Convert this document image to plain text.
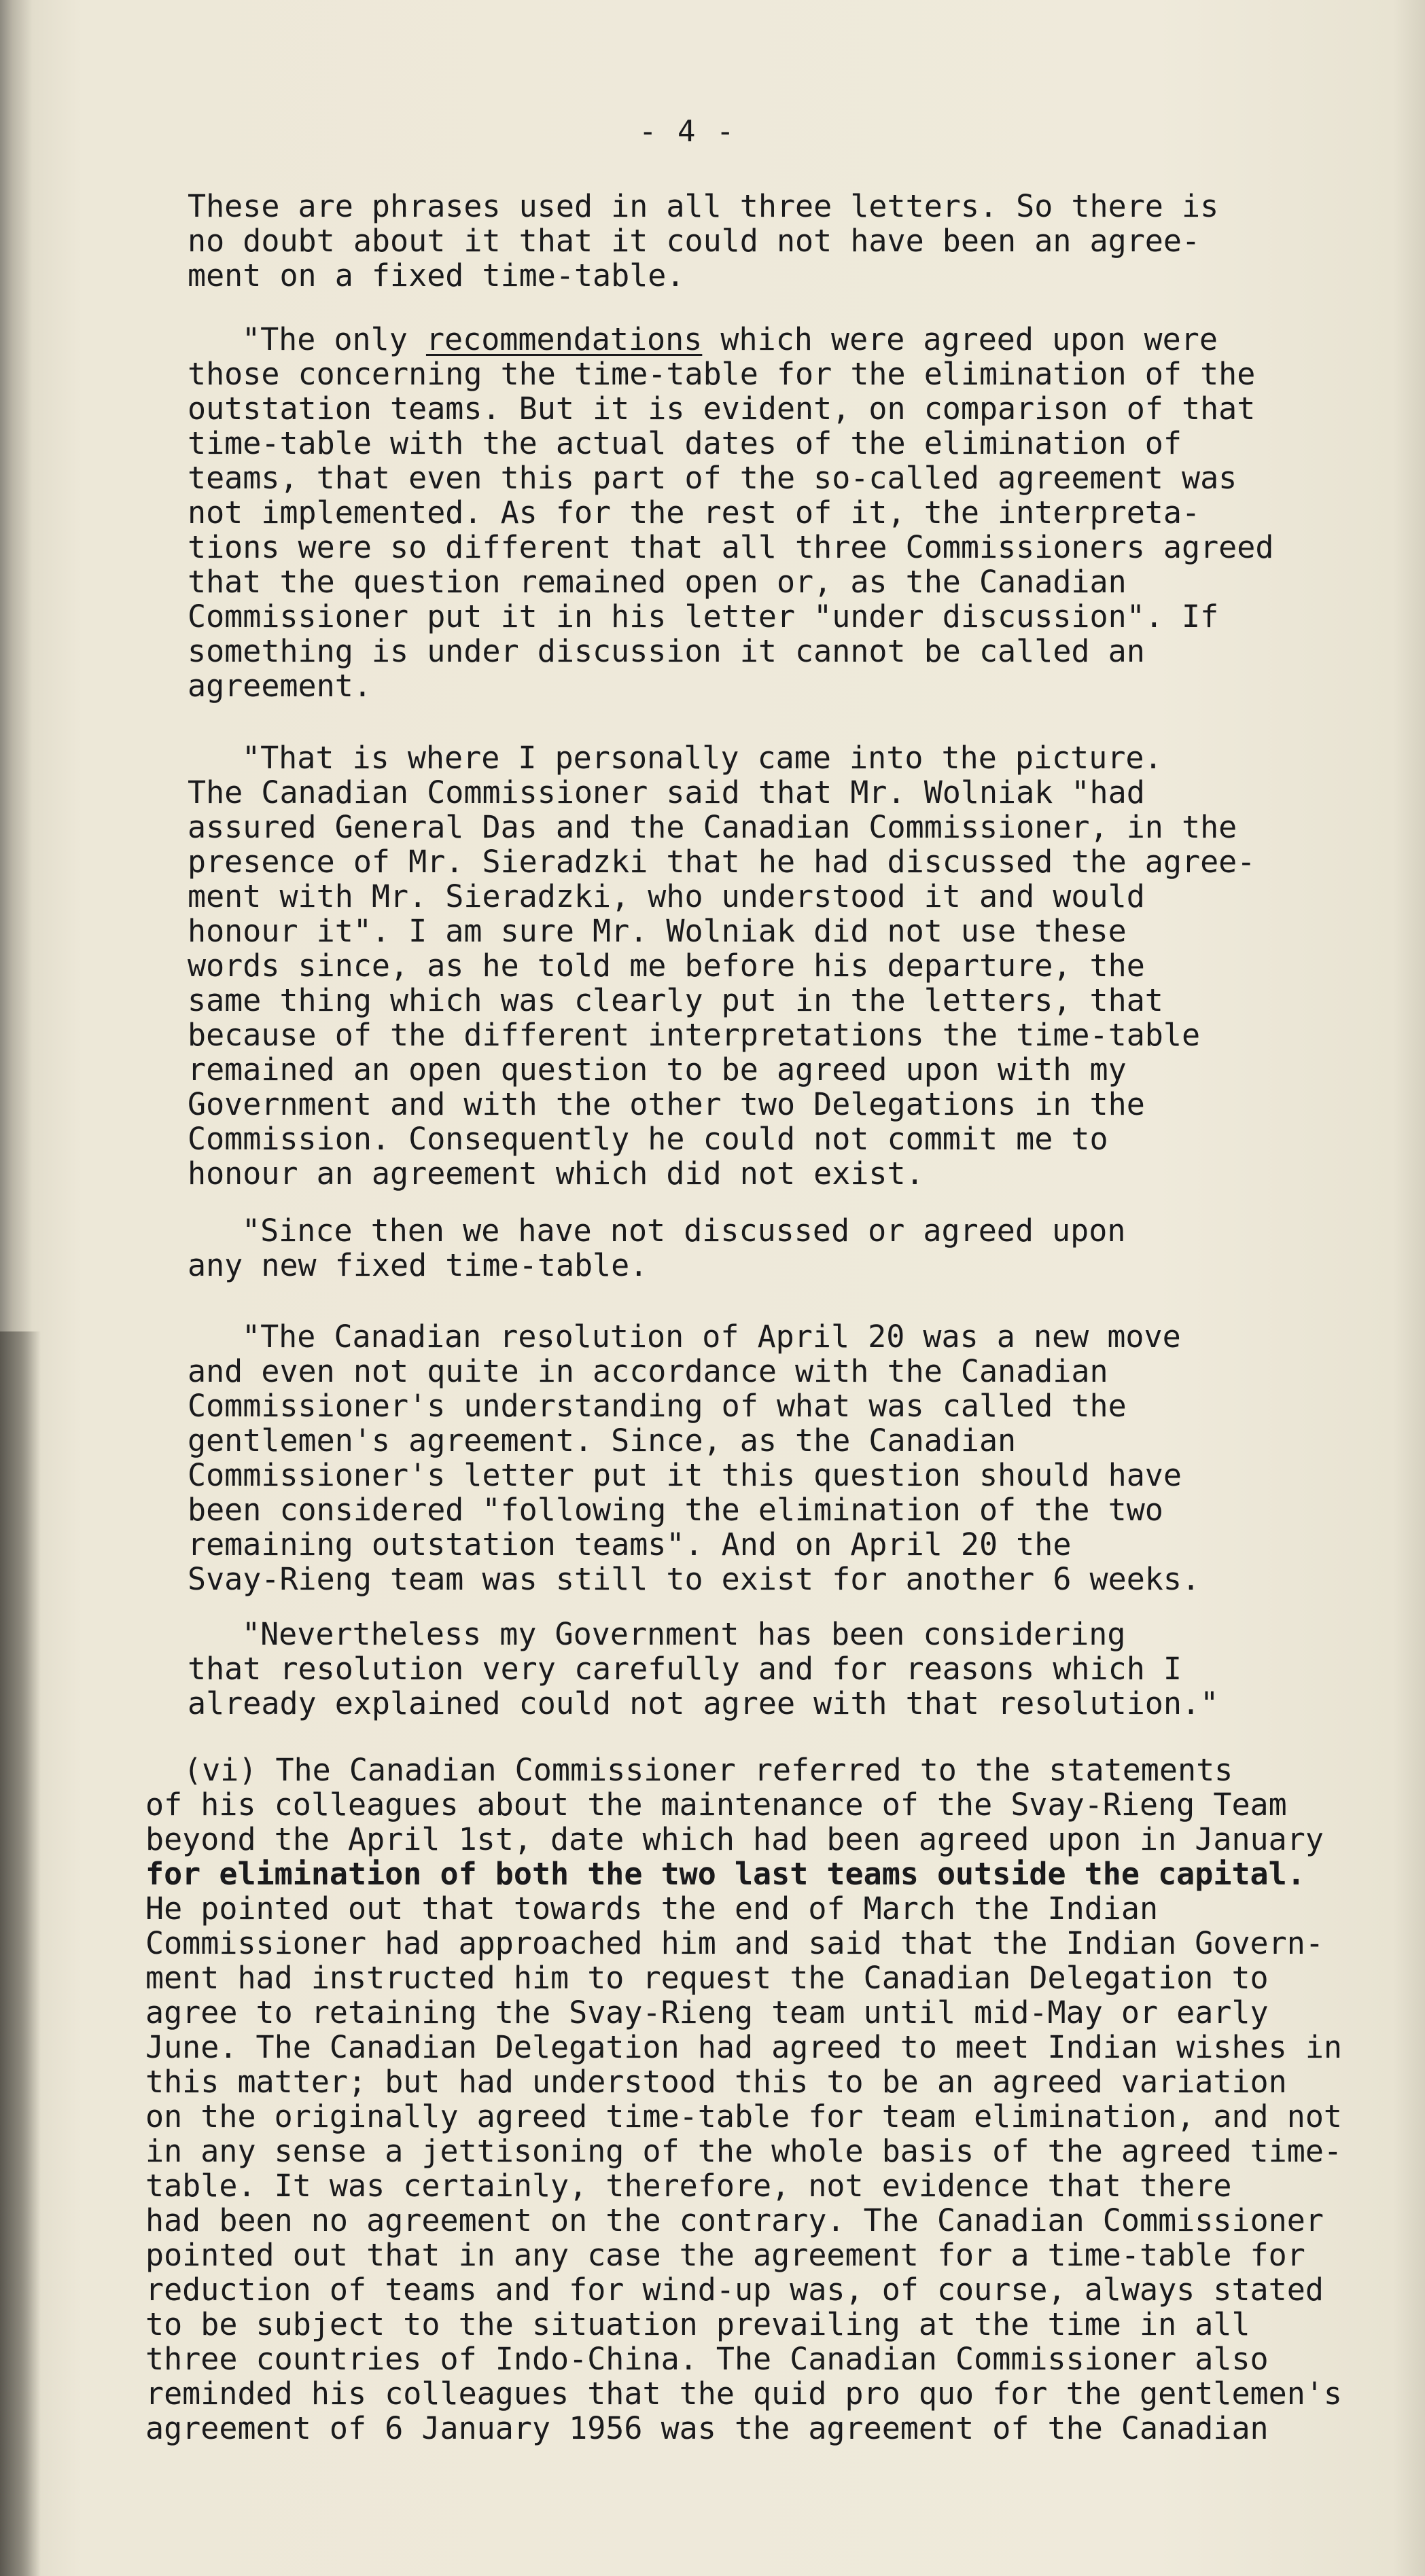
- 4 -
These are phrases used in all three letters. So there is
no doubt about it that it could not have been an agree-
ment on a fixed time-table.
"The only recommendations which were agreed upon were
those concerning the time-table for the elimination of the
outstation teams. But it is evident, on comparison of that
time-table with the actual dates of the elimination of
teams, that even this part of the so-called agreement was
not implemented. As for the rest of it, the interpreta-
tions were so different that all three Commissioners agreed
that the question remained open or, as the Canadian
Commissioner put it in his letter "under discussion". If
something is under discussion it cannot be called an
agreement.
"That is where I personally came into the picture.
The Canadian Commissioner said that Mr. Wolniak "had
assured General Das and the Canadian Commissioner, in the
presence of Mr. Sieradzki that he had discussed the agree-
ment with Mr. Sieradzki, who understood it and would
honour it". I am sure Mr. Wolniak did not use these
words since, as he told me before his departure, the
same thing which was clearly put in the letters, that
because of the different interpretations the time-table
remained an open question to be agreed upon with my
Government and with the other two Delegations in the
Commission. Consequently he could not commit me to
honour an agreement which did not exist.
"Since then we have not discussed or agreed upon
any new fixed time-table.
"The Canadian resolution of April 20 was a new move
and even not quite in accordance with the Canadian
Commissioner's understanding of what was called the
gentlemen's agreement. Since, as the Canadian
Commissioner's letter put it this question should have
been considered "following the elimination of the two
remaining outstation teams". And on April 20 the
Svay-Rieng team was still to exist for another 6 weeks.
"Nevertheless my Government has been considering
that resolution very carefully and for reasons which I
already explained could not agree with that resolution."
(vi) The Canadian Commissioner referred to the statements
of his colleagues about the maintenance of the Svay-Rieng Team
beyond the April 1st, date which had been agreed upon in January
for elimination of both the two last teams outside the capital.
He pointed out that towards the end of March the Indian
Commissioner had approached him and said that the Indian Govern-
ment had instructed him to request the Canadian Delegation to
agree to retaining the Svay-Rieng team until mid-May or early
June. The Canadian Delegation had agreed to meet Indian wishes in
this matter; but had understood this to be an agreed variation
on the originally agreed time-table for team elimination, and not
in any sense a jettisoning of the whole basis of the agreed time-
table. It was certainly, therefore, not evidence that there
had been no agreement on the contrary. The Canadian Commissioner
pointed out that in any case the agreement for a time-table for
reduction of teams and for wind-up was, of course, always stated
to be subject to the situation prevailing at the time in all
three countries of Indo-China. The Canadian Commissioner also
reminded his colleagues that the quid pro quo for the gentlemen's
agreement of 6 January 1956 was the agreement of the Canadian
